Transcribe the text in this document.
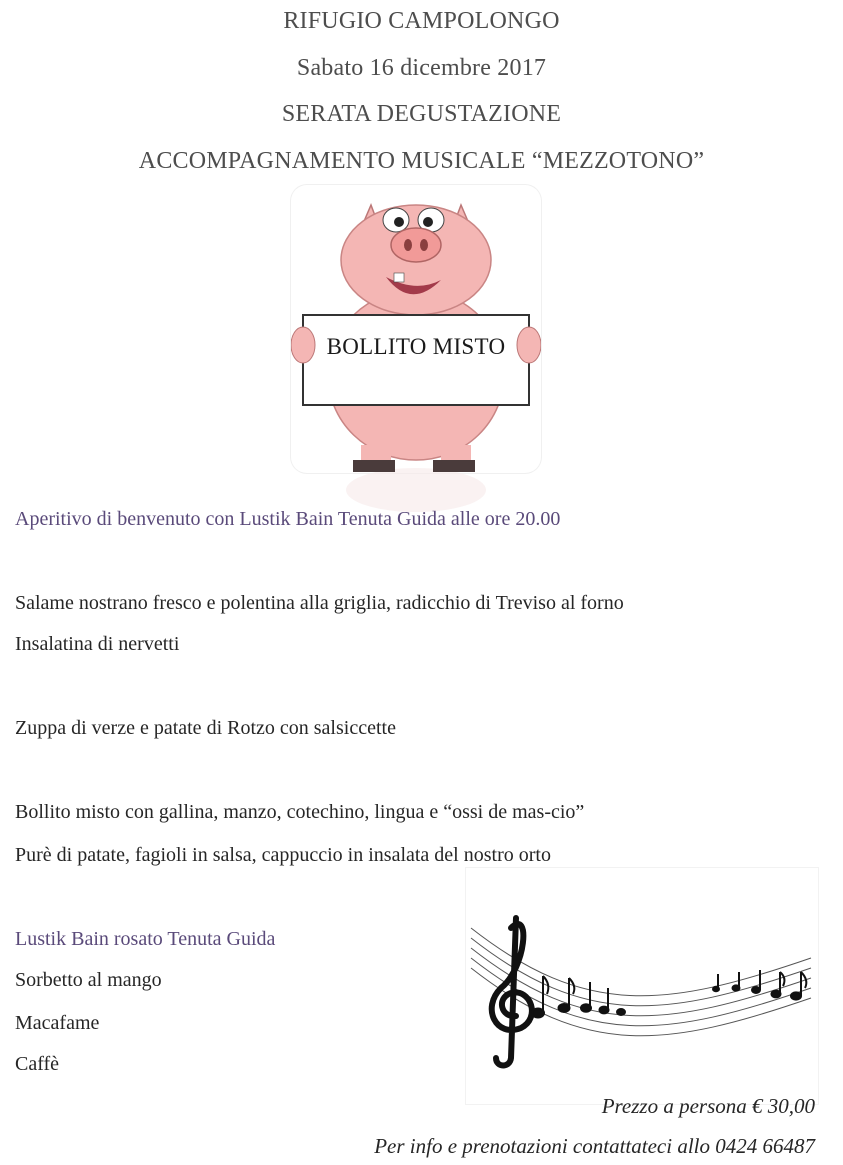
RIFUGIO CAMPOLONGO
Sabato 16 dicembre 2017
SERATA DEGUSTAZIONE
ACCOMPAGNAMENTO MUSICALE “MEZZOTONO”
BOLLITO MISTO
Aperitivo di benvenuto con Lustik Bain Tenuta Guida alle ore 20.00
Salame nostrano fresco e polentina alla griglia, radicchio di Treviso al forno
Insalatina di nervetti
Zuppa di verze e patate di Rotzo con salsiccette
Bollito misto con gallina, manzo, cotechino, lingua e “ossi de mas-cio”
Purè di patate, fagioli in salsa, cappuccio in insalata del nostro orto
Lustik Bain rosato Tenuta Guida
Sorbetto al mango
Macafame
Caffè
Prezzo a persona € 30,00
Per info e prenotazioni contattateci allo 0424 66487
